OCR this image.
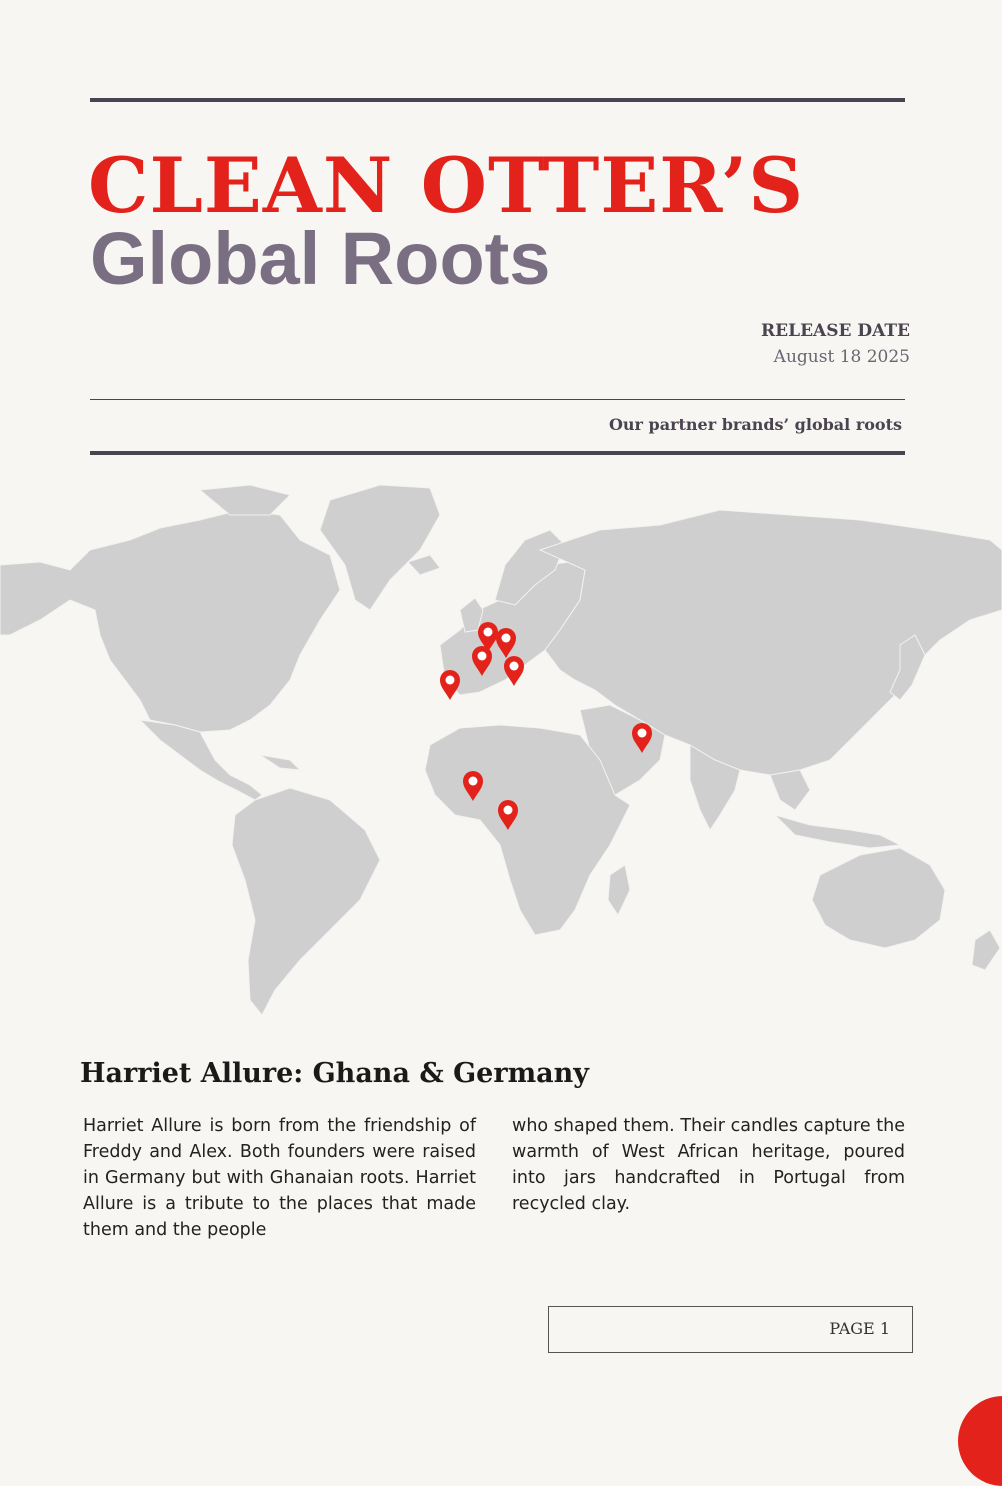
CLEAN OTTER’S
Global Roots
RELEASE DATE
August 18 2025
Our partner brands’ global roots
Harriet Allure: Ghana & Germany

Harriet Allure is born from the friendship of Freddy and Alex. Both founders were raised in Germany but with Ghanaian roots. Harriet Allure is a tribute to the places that made them and the people

who shaped them. Their candles capture the warmth of West African heritage, poured into jars handcrafted in Portugal from recycled clay.

PAGE 1
